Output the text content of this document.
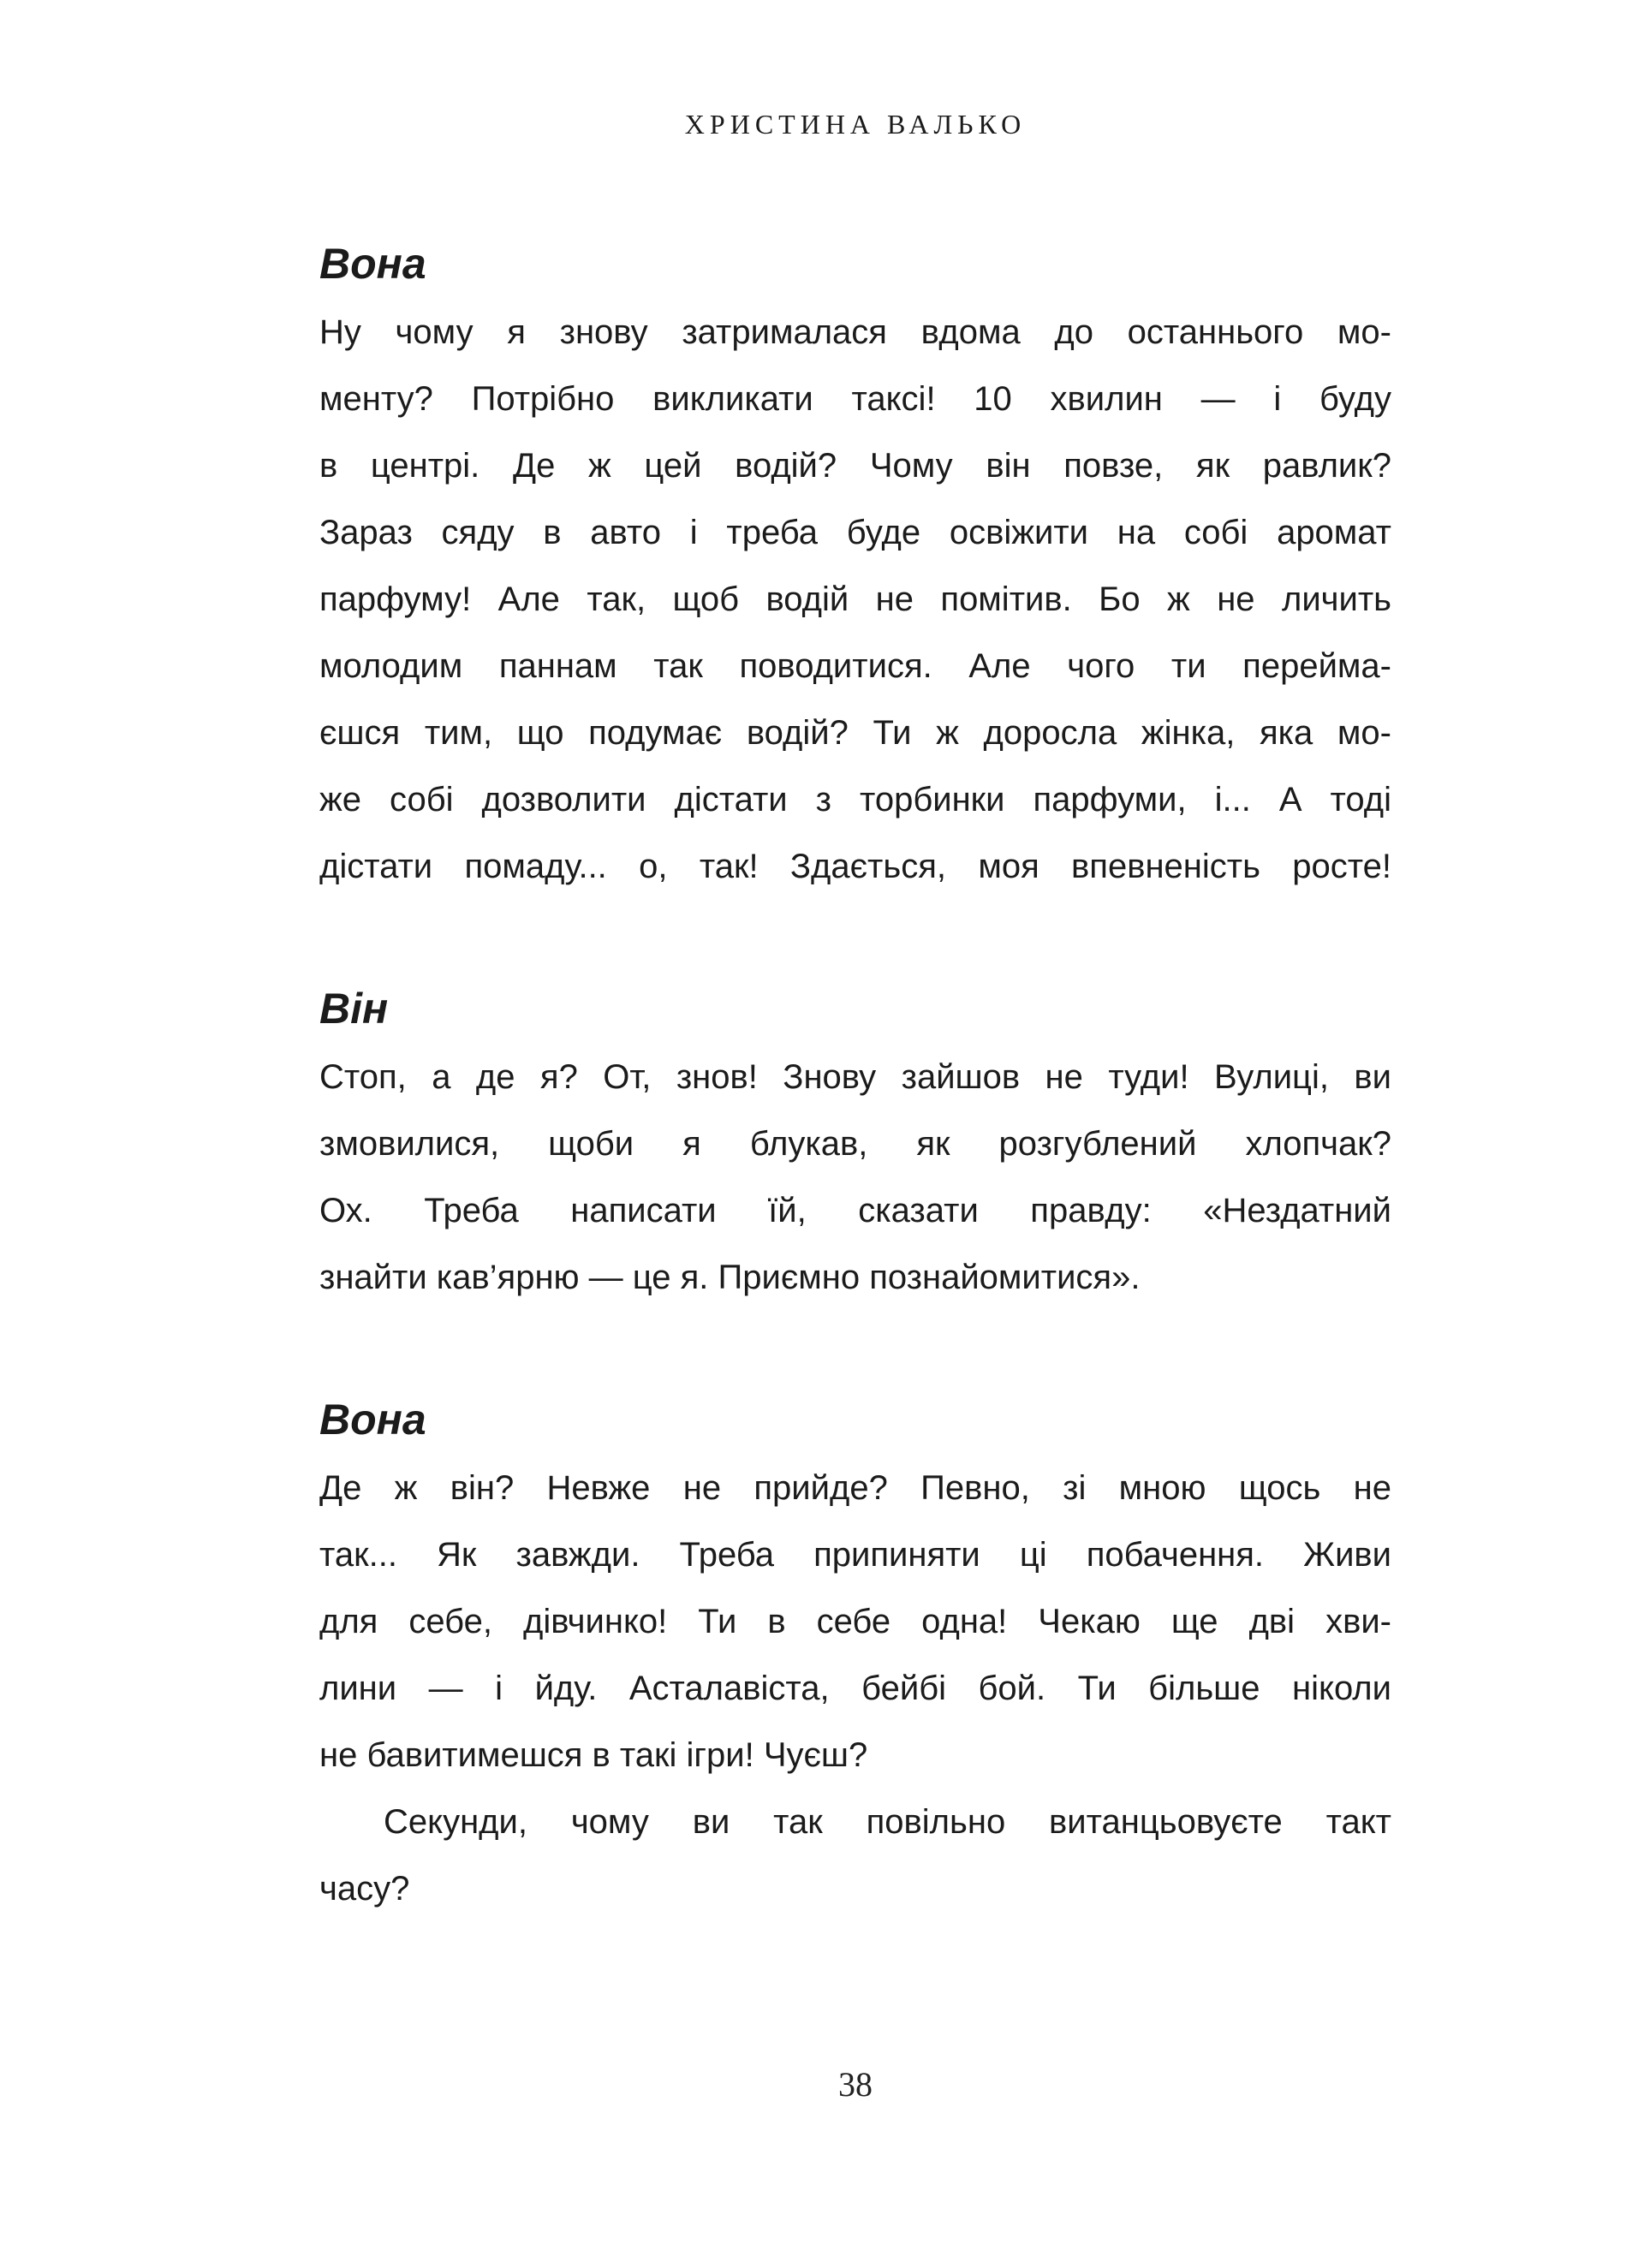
ХРИСТИНА ВАЛЬКО
Вона

Ну чому я знову затрималася вдома до останнього мо-

менту? Потрібно викликати таксі! 10 хвилин — і буду

в центрі. Де ж цей водій? Чому він повзе, як равлик?

Зараз сяду в авто і треба буде освіжити на собі аромат

парфуму! Але так, щоб водій не помітив. Бо ж не личить

молодим паннам так поводитися. Але чого ти перейма-

єшся тим, що подумає водій? Ти ж доросла жінка, яка мо-

же собі дозволити дістати з торбинки парфуми, і... А тоді

дістати помаду... о, так! Здається, моя впевненість росте!

Він

Стоп, а де я? От, знов! Знову зайшов не туди! Вулиці, ви

змовилися, щоби я блукав, як розгублений хлопчак?

Ох. Треба написати їй, сказати правду: «Нездатний

знайти кав’ярню — це я. Приємно познайомитися».

Вона

Де ж він? Невже не прийде? Певно, зі мною щось не

так... Як завжди. Треба припиняти ці побачення. Живи

для себе, дівчинко! Ти в себе одна! Чекаю ще дві хви-

лини — і йду. Асталавіста, бейбі бой. Ти більше ніколи

не бавитимешся в такі ігри! Чуєш?

Секунди, чому ви так повільно витанцьовуєте такт

часу?

38
